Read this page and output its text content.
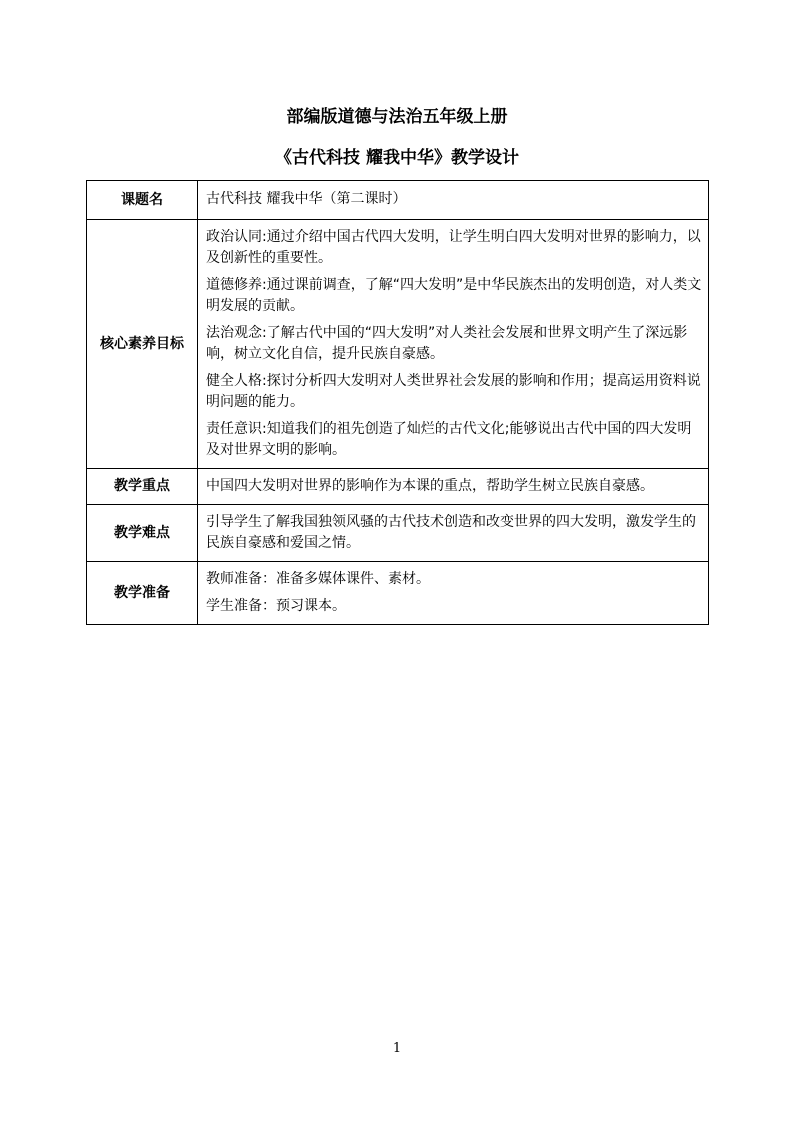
部编版道德与法治五年级上册
《古代科技 耀我中华》教学设计
课题名	古代科技 耀我中华（第二课时）
核心素养目标	政治认同:通过介绍中国古代四大发明，让学生明白四大发明对世界的影响力，以及创新性的重要性。

道德修养:通过课前调查，了解“四大发明”是中华民族杰出的发明创造，对人类文明发展的贡献。

法治观念:了解古代中国的“四大发明”对人类社会发展和世界文明产生了深远影响，树立文化自信，提升民族自豪感。

健全人格:探讨分析四大发明对人类世界社会发展的影响和作用；提高运用资料说明问题的能力。

责任意识:知道我们的祖先创造了灿烂的古代文化;能够说出古代中国的四大发明及对世界文明的影响。

教学重点	中国四大发明对世界的影响作为本课的重点，帮助学生树立民族自豪感。
教学难点	引导学生了解我国独领风骚的古代技术创造和改变世界的四大发明，激发学生的民族自豪感和爱国之情。
教学准备	教师准备：准备多媒体课件、素材。

学生准备：预习课本。

1
